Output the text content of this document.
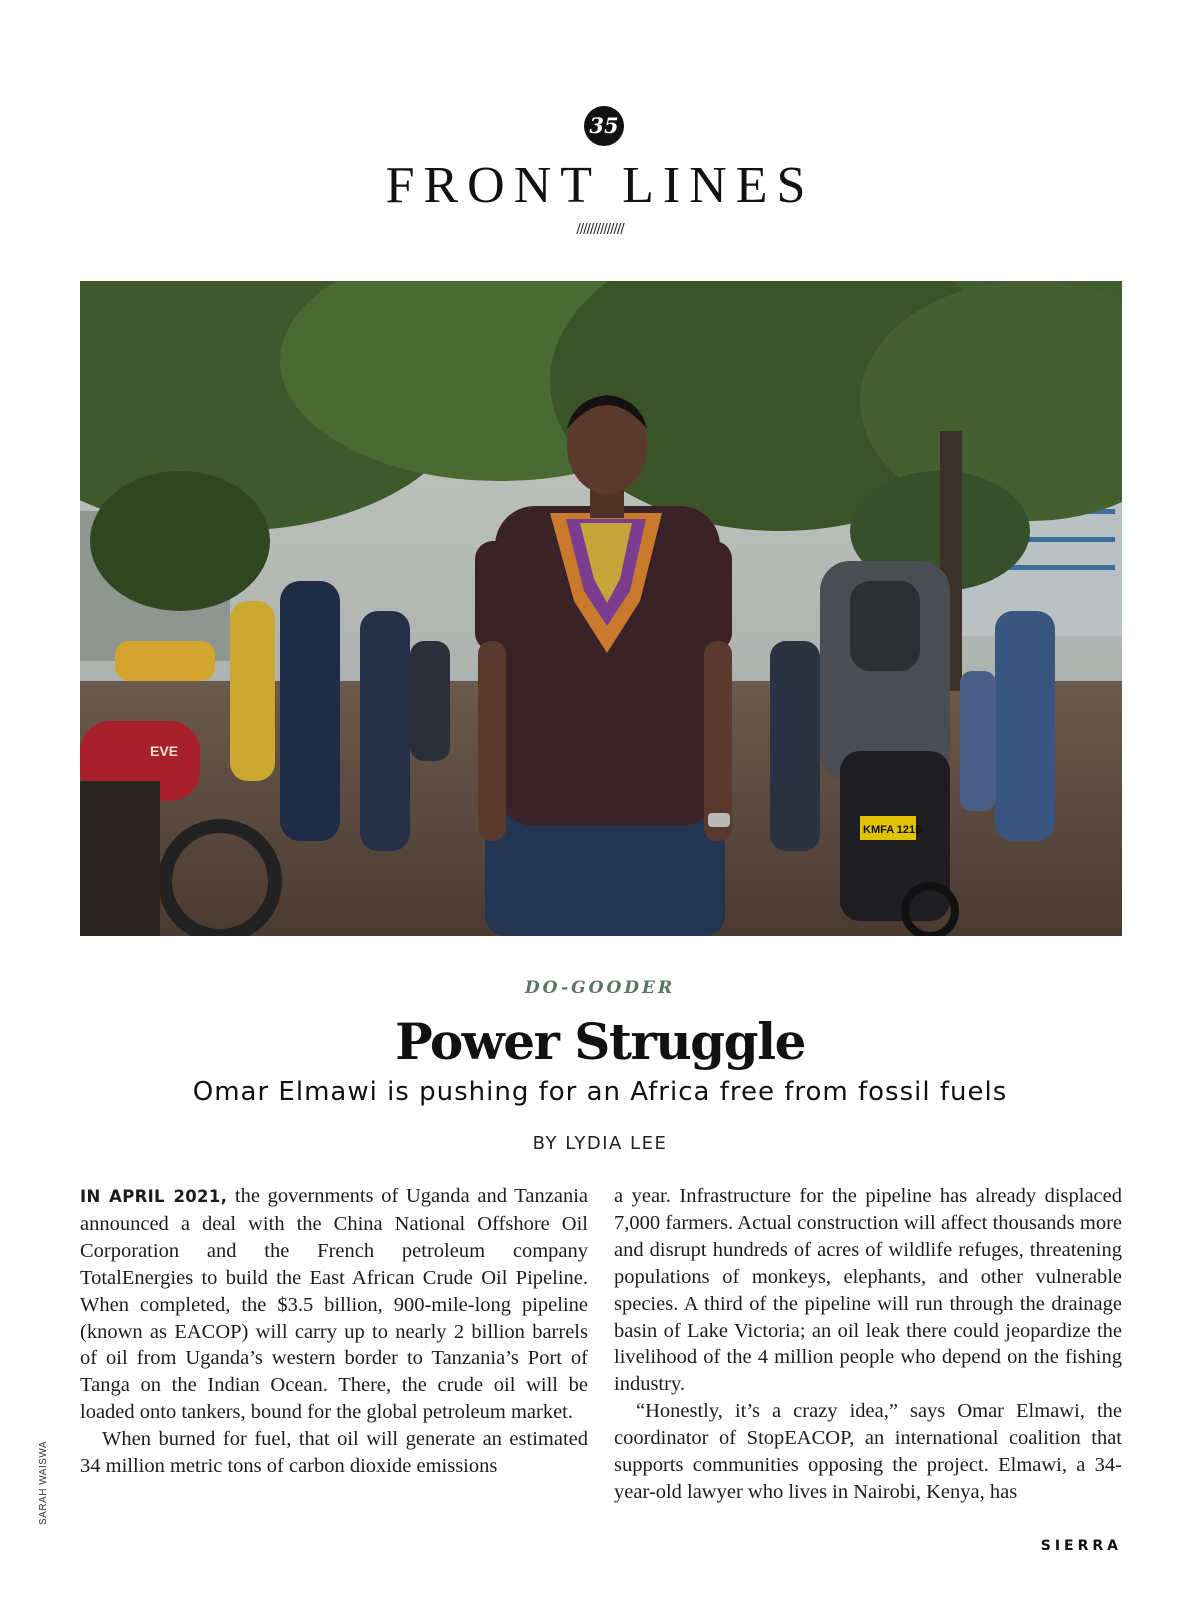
35
FRONT LINES
//////////////
EVE
KMFA 121B
SARAH WAISWA
DO-GOODER
Power Struggle
Omar Elmawi is pushing for an Africa free from fossil fuels
BY LYDIA LEE

IN APRIL 2021, the governments of Uganda and Tanzania announced a deal with the China National Offshore Oil Corporation and the French petroleum company TotalEnergies to build the East African Crude Oil Pipeline. When completed, the $3.5 billion, 900-mile-long pipeline (known as EACOP) will carry up to nearly 2 billion barrels of oil from Uganda’s western border to Tanzania’s Port of Tanga on the Indian Ocean. There, the crude oil will be loaded onto tankers, bound for the global petroleum market.

When burned for fuel, that oil will generate an estimated 34 million metric tons of carbon dioxide emissions

a year. Infrastructure for the pipeline has already displaced 7,000 farmers. Actual construction will affect thousands more and disrupt hundreds of acres of wildlife refuges, threatening populations of monkeys, elephants, and other vulnerable species. A third of the pipeline will run through the drainage basin of Lake Victoria; an oil leak there could jeopardize the livelihood of the 4 million people who depend on the fishing industry.

“Honestly, it’s a crazy idea,” says Omar Elmawi, the coordinator of StopEACOP, an international coalition that supports communities opposing the project. Elmawi, a 34-year-old lawyer who lives in Nairobi, Kenya, has

SIERRA
